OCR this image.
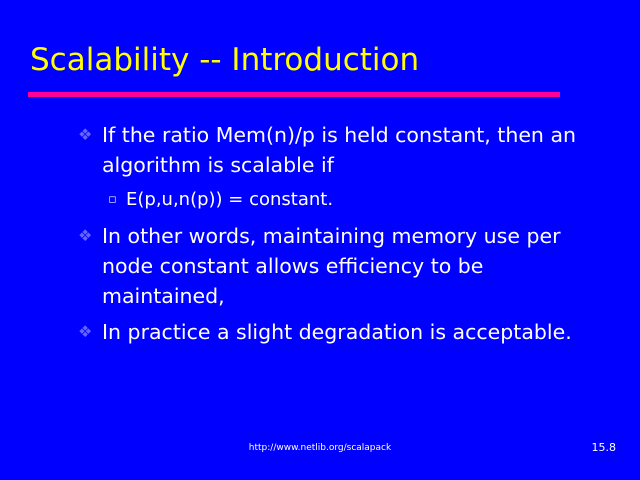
Scalability -- Introduction
❖ If the ratio Mem(n)/p is held constant, then an algorithm is scalable if
▫ E(p,u,n(p)) = constant.
❖ In other words, maintaining memory use per node constant allows efficiency to be maintained,
❖ In practice a slight degradation is acceptable.
http://www.netlib.org/scalapack	15.8
